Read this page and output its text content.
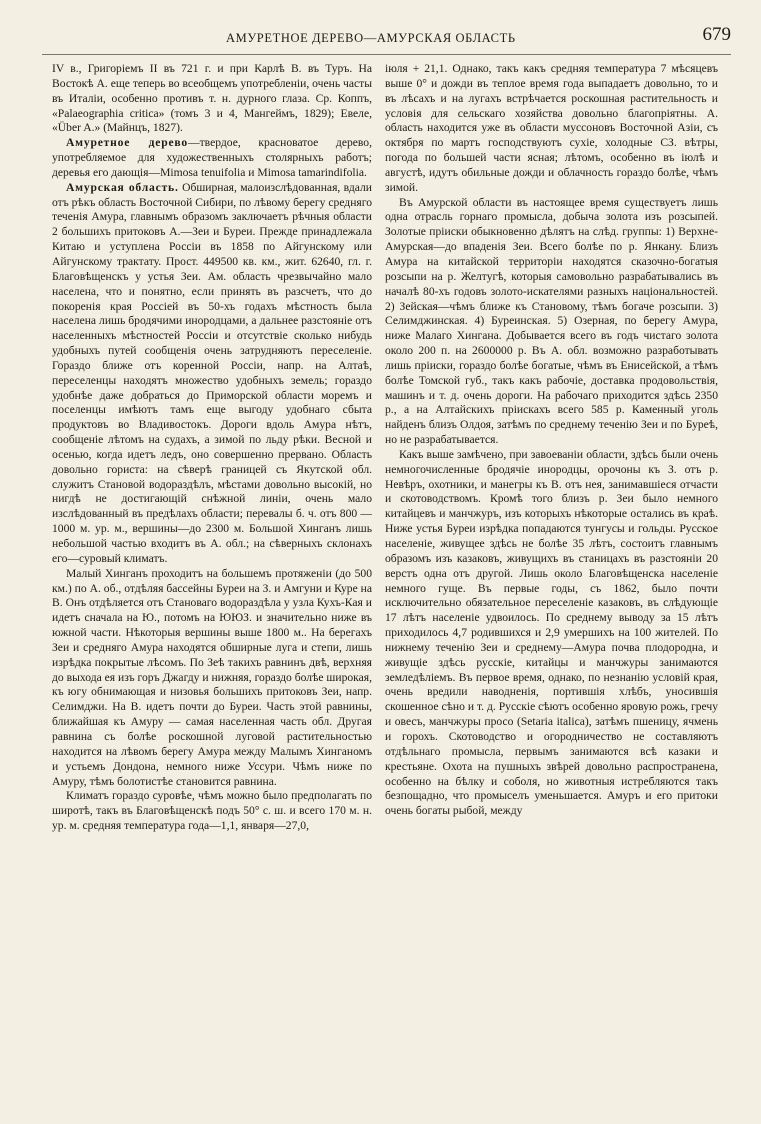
АМУРЕТНОЕ ДЕРЕВО—АМУРСКАЯ ОБЛАСТЬ	679

IV в., Григоріемъ II въ 721 г. и при Карлѣ В. въ Туръ. На Востокѣ А. еще теперь во всеобщемъ употребленіи, очень часты въ Италіи, особенно противъ т. н. дурного глаза. Ср. Коппъ, «Palaeographia critica» (томъ 3 и 4, Мангеймъ, 1829); Евеле, «Über A.» (Майнцъ, 1827).

Амуретное дерево—твердое, красноватое дерево, употребляемое для художественныхъ столярныхъ работъ; деревья его дающія—Mimosa tenuifolia и Mimosa tamarindifolia.

Амурская область. Обширная, малоизслѣдованная, вдали отъ рѣкъ область Восточной Сибири, по лѣвому берегу средняго теченія Амура, главнымъ образомъ заключаетъ рѣчныя области 2 большихъ притоковъ А.—Зеи и Буреи. Прежде принадлежала Китаю и уступлена Россіи въ 1858 по Айгунскому или Айгунскому трактату. Прост. 449500 кв. км., жит. 62640, гл. г. Благовѣщенскъ у устья Зеи. Ам. область чрезвычайно мало населена, что и понятно, если принять въ разсчетъ, что до покоренія края Россіей въ 50-хъ годахъ мѣстность была населена лишь бродячими инородцами, а дальнее разстояніе отъ населенныхъ мѣстностей Россіи и отсутствіе сколько нибудь удобныхъ путей сообщенія очень затрудняютъ переселеніе. Гораздо ближе отъ коренной Россіи, напр. на Алтаѣ, переселенцы находятъ множество удобныхъ земель; гораздо удобнѣе даже добраться до Приморской области моремъ и поселенцы имѣютъ тамъ еще выгоду удобнаго сбыта продуктовъ во Владивостокъ. Дороги вдоль Амура нѣтъ, сообщеніе лѣтомъ на судахъ, а зимой по льду рѣки. Весной и осенью, когда идетъ ледъ, оно совершенно прервано. Область довольно гориста: на сѣверѣ границей съ Якутской обл. служитъ Становой водораздѣлъ, мѣстами довольно высокій, но нигдѣ не достигающій снѣжной линіи, очень мало изслѣдованный въ предѣлахъ области; перевалы б. ч. отъ 800 — 1000 м. ур. м., вершины—до 2300 м. Большой Хинганъ лишь небольшой частью входитъ въ А. обл.; на сѣверныхъ склонахъ его—суровый климатъ.

Малый Хинганъ проходитъ на большемъ протяженіи (до 500 км.) по А. об., отдѣляя бассейны Буреи на З. и Амгуни и Куре на В. Онъ отдѣляется отъ Становаго водораздѣла у узла Кухъ-Кая и идетъ сначала на Ю., потомъ на ЮЮЗ. и значительно ниже въ южной части. Нѣкоторыя вершины выше 1800 м.. На берегахъ Зеи и средняго Амура находятся обширные луга и степи, лишь изрѣдка покрытые лѣсомъ. По Зеѣ такихъ равнинъ двѣ, верхняя до выхода ея изъ горъ Джагду и нижняя, гораздо болѣе широкая, къ югу обнимающая и низовья большихъ притоковъ Зеи, напр. Селимджи. На В. идетъ почти до Буреи. Часть этой равнины, ближайшая къ Амуру — самая населенная часть обл. Другая равнина съ болѣе роскошной луговой растительностью находится на лѣвомъ берегу Амура между Малымъ Хинганомъ и устьемъ Дондона, немного ниже Уссури. Чѣмъ ниже по Амуру, тѣмъ болотистѣе становится равнина.

Климатъ гораздо суровѣе, чѣмъ можно было предполагать по широтѣ, такъ въ Благовѣщенскѣ подъ 50° с. ш. и всего 170 м. н. ур. м. средняя температура года—1,1, января—27,0,

іюля + 21,1. Однако, такъ какъ средняя температура 7 мѣсяцевъ выше 0° и дожди въ теплое время года выпадаетъ довольно, то и въ лѣсахъ и на лугахъ встрѣчается роскошная растительность и условія для сельскаго хозяйства довольно благопріятны. А. область находится уже въ области муссоновъ Восточной Азіи, съ октября по мартъ господствуютъ сухіе, холодные СЗ. вѣтры, погода по большей части ясная; лѣтомъ, особенно въ іюлѣ и августѣ, идутъ обильные дожди и облачность гораздо болѣе, чѣмъ зимой.

Въ Амурской области въ настоящее время существуетъ лишь одна отрасль горнаго промысла, добыча золота изъ розсыпей. Золотые пріиски обыкновенно дѣлятъ на слѣд. группы: 1) Верхне-Амурская—до впаденія Зеи. Всего болѣе по р. Янкану. Близъ Амура на китайской территоріи находятся сказочно-богатыя розсыпи на р. Желтугѣ, которыя самовольно разрабатывались въ началѣ 80-хъ годовъ золото-искателями разныхъ національностей. 2) Зейская—чѣмъ ближе къ Становому, тѣмъ богаче розсыпи. 3) Селимджинская. 4) Буреинская. 5) Озерная, по берегу Амура, ниже Малаго Хингана. Добывается всего въ годъ чистаго золота около 200 п. на 2600000 р. Въ А. обл. возможно разработывать лишь пріиски, гораздо болѣе богатые, чѣмъ въ Енисейской, а тѣмъ болѣе Томской губ., такъ какъ рабочіе, доставка продовольствія, машинъ и т. д. очень дороги. На рабочаго приходится здѣсь 2350 р., а на Алтайскихъ пріискахъ всего 585 р. Каменный уголь найденъ близъ Олдоя, затѣмъ по среднему теченію Зеи и по Буреѣ, но не разрабатывается.

Какъ выше замѣчено, при завоеваніи области, здѣсь были очень немногочисленные бродячіе инородцы, орочоны къ З. отъ р. Невѣръ, охотники, и манегры къ В. отъ нея, занимавшіеся отчасти и скотоводствомъ. Кромѣ того близъ р. Зеи было немного китайцевъ и манчжуръ, изъ которыхъ нѣкоторые остались въ краѣ. Ниже устья Буреи изрѣдка попадаются тунгусы и гольды. Русское населеніе, живущее здѣсь не болѣе 35 лѣтъ, состоитъ главнымъ образомъ изъ казаковъ, живущихъ въ станицахъ въ разстояніи 20 верстъ одна отъ другой. Лишь около Благовѣщенска населеніе немного гуще. Въ первые годы, съ 1862, было почти исключительно обязательное переселеніе казаковъ, въ слѣдующіе 17 лѣтъ населеніе удвоилось. По среднему выводу за 15 лѣтъ приходилось 4,7 родившихся и 2,9 умершихъ на 100 жителей. По нижнему теченію Зеи и среднему—Амура почва плодородна, и живущіе здѣсь русскіе, китайцы и манчжуры занимаются земледѣліемъ. Въ первое время, однако, по незнанію условій края, очень вредили наводненія, портившія хлѣбъ, уносившія скошенное сѣно и т. д. Русскіе сѣютъ особенно яровую рожь, гречу и овесъ, манчжуры просо (Setaria italica), затѣмъ пшеницу, ячмень и горохъ. Скотоводство и огородничество не составляютъ отдѣльнаго промысла, первымъ занимаются всѣ казаки и крестьяне. Охота на пушныхъ звѣрей довольно распространена, особенно на бѣлку и соболя, но животныя истребляются такъ безпощадно, что промыселъ уменьшается. Амуръ и его притоки очень богаты рыбой, между
